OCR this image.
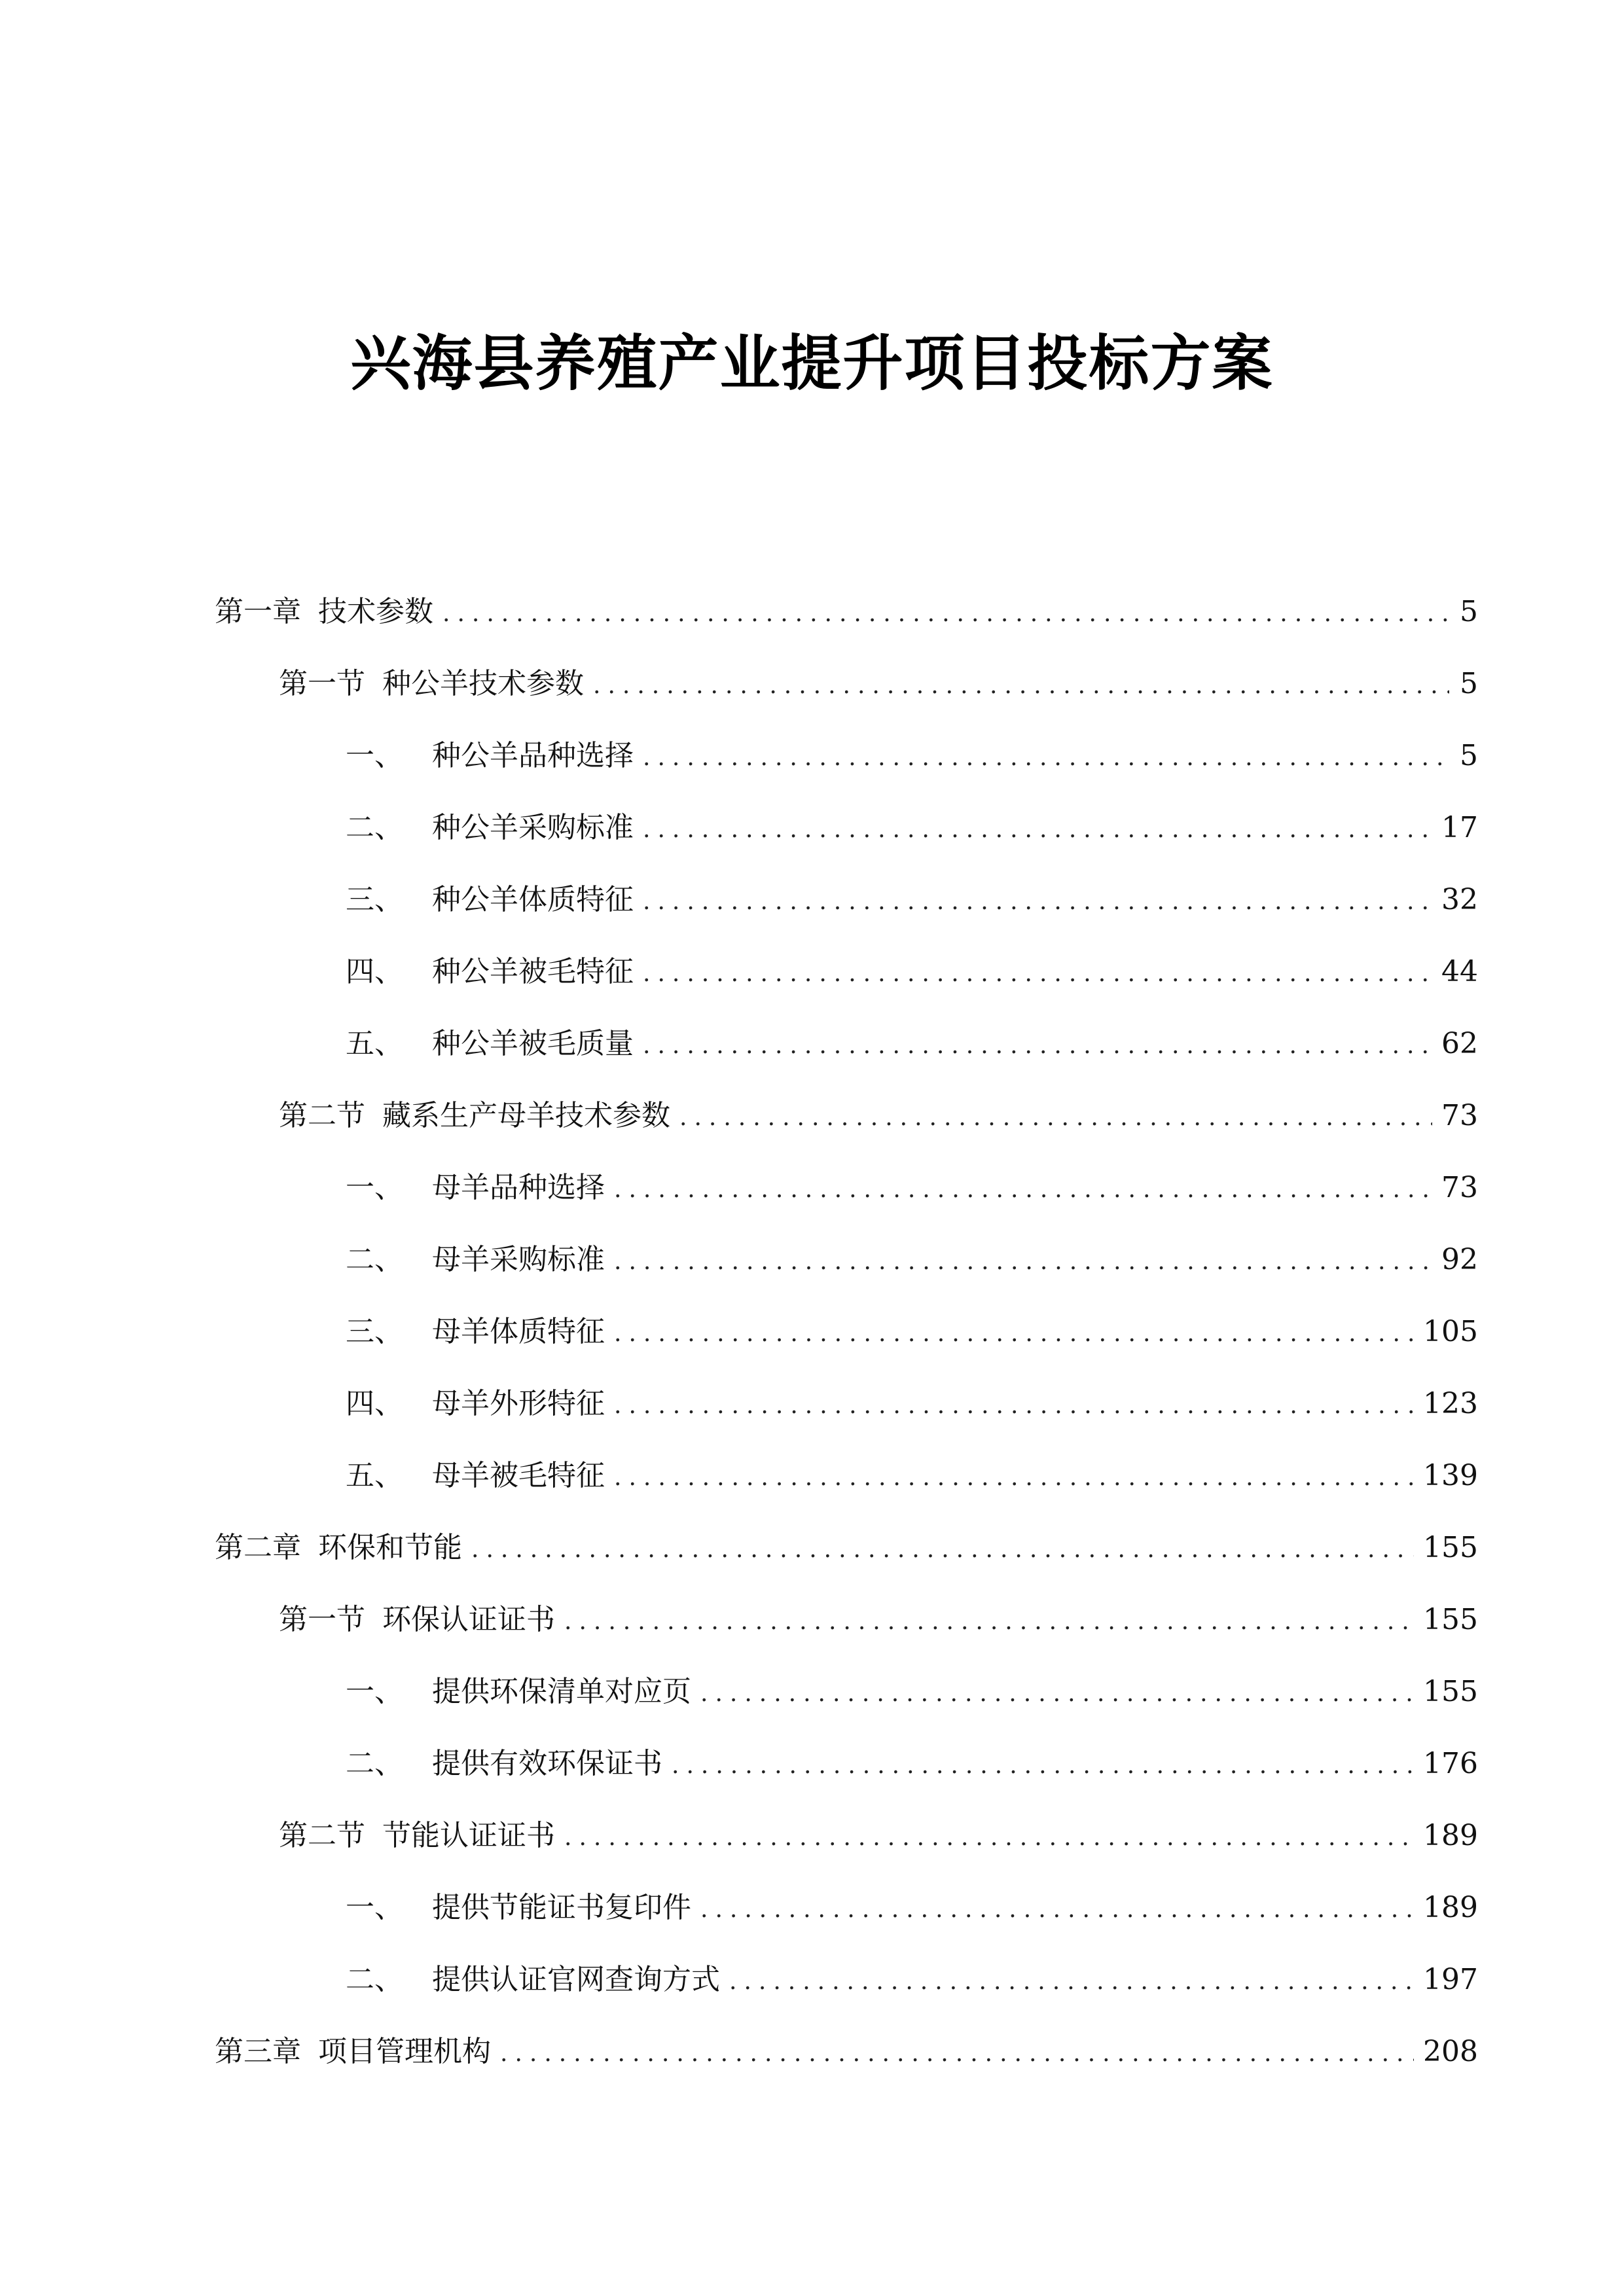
兴海县养殖产业提升项目投标方案
第一章 技术参数 .....	5
第一节 种公羊技术参数 .....	5
一、 种公羊品种选择 .....	5
二、 种公羊采购标准 .....	17
三、 种公羊体质特征 .....	32
四、 种公羊被毛特征 .....	44
五、 种公羊被毛质量 .....	62
第二节 藏系生产母羊技术参数 .....	73
一、 母羊品种选择 .....	73
二、 母羊采购标准 .....	92
三、 母羊体质特征 .....	105
四、 母羊外形特征 .....	123
五、 母羊被毛特征 .....	139
第二章 环保和节能 .....	155
第一节 环保认证证书 .....	155
一、 提供环保清单对应页 .....	155
二、 提供有效环保证书 .....	176
第二节 节能认证证书 .....	189
一、 提供节能证书复印件 .....	189
二、 提供认证官网查询方式 .....	197
第三章 项目管理机构 .....	208
